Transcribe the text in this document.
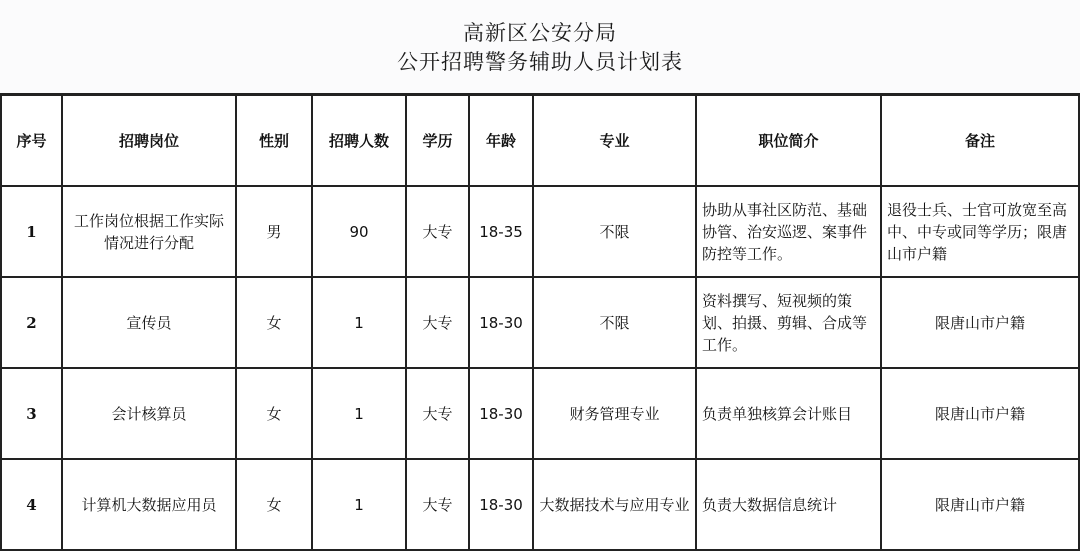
高新区公安分局
公开招聘警务辅助人员计划表
序号	招聘岗位	性别	招聘人数	学历	年龄	专业	职位简介	备注
1	工作岗位根据工作实际情况进行分配	男	90	大专	18-35	不限	协助从事社区防范、基础协管、治安巡逻、案事件防控等工作。	退役士兵、士官可放宽至高中、中专或同等学历；限唐山市户籍
2	宣传员	女	1	大专	18-30	不限	资料撰写、短视频的策划、拍摄、剪辑、合成等工作。	限唐山市户籍
3	会计核算员	女	1	大专	18-30	财务管理专业	负责单独核算会计账目	限唐山市户籍
4	计算机大数据应用员	女	1	大专	18-30	大数据技术与应用专业	负责大数据信息统计	限唐山市户籍
